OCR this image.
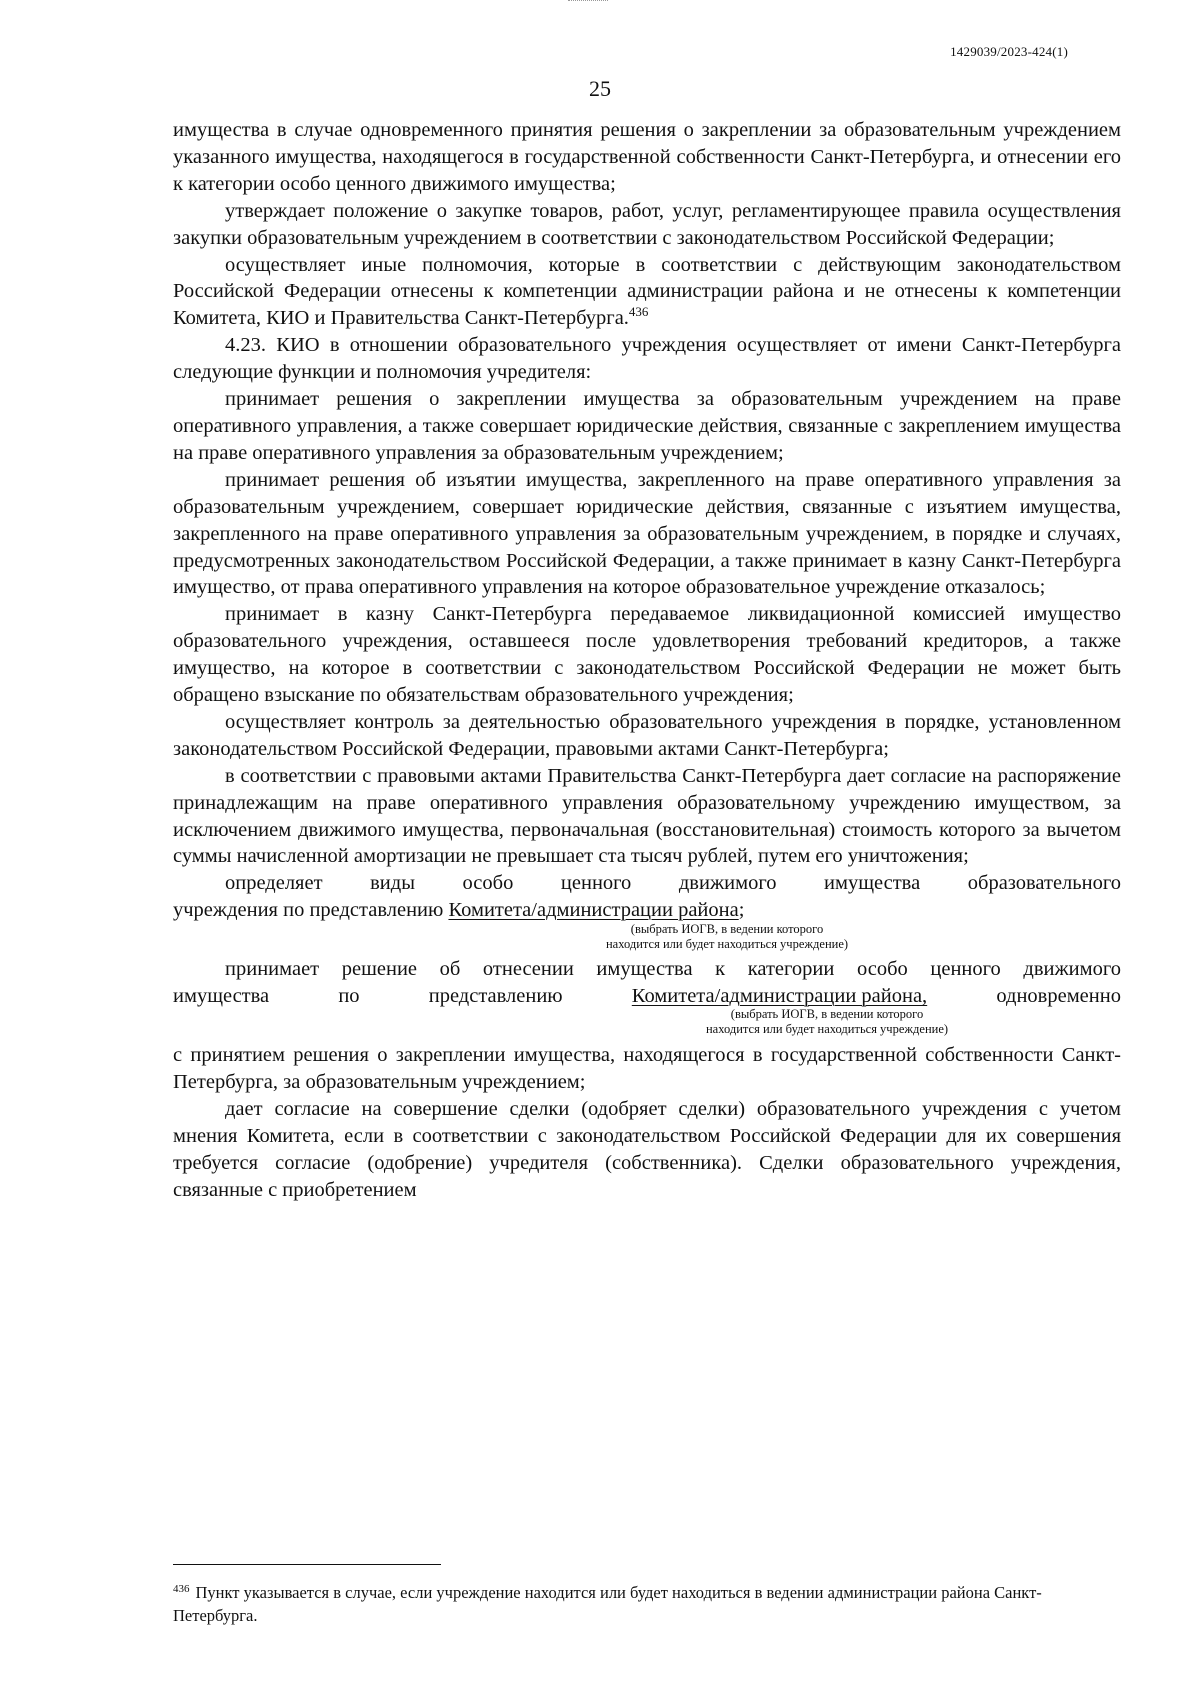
1429039/2023-424(1)
25

имущества в случае одновременного принятия решения о закреплении за образовательным учреждением указанного имущества, находящегося в государственной собственности Санкт-Петербурга, и отнесении его к категории особо ценного движимого имущества;

утверждает положение о закупке товаров, работ, услуг, регламентирующее правила осуществления закупки образовательным учреждением в соответствии с законодательством Российской Федерации;

осуществляет иные полномочия, которые в соответствии с действующим законодательством Российской Федерации отнесены к компетенции администрации района и не отнесены к компетенции Комитета, КИО и Правительства Санкт-Петербурга.$^{436}$

4.23. КИО в отношении образовательного учреждения осуществляет от имени Санкт-Петербурга следующие функции и полномочия учредителя:

принимает решения о закреплении имущества за образовательным учреждением на праве оперативного управления, а также совершает юридические действия, связанные с закреплением имущества на праве оперативного управления за образовательным учреждением;

принимает решения об изъятии имущества, закрепленного на праве оперативного управления за образовательным учреждением, совершает юридические действия, связанные с изъятием имущества, закрепленного на праве оперативного управления за образовательным учреждением, в порядке и случаях, предусмотренных законодательством Российской Федерации, а также принимает в казну Санкт-Петербурга имущество, от права оперативного управления на которое образовательное учреждение отказалось;

принимает в казну Санкт-Петербурга передаваемое ликвидационной комиссией имущество образовательного учреждения, оставшееся после удовлетворения требований кредиторов, а также имущество, на которое в соответствии с законодательством Российской Федерации не может быть обращено взыскание по обязательствам образовательного учреждения;

осуществляет контроль за деятельностью образовательного учреждения в порядке, установленном законодательством Российской Федерации, правовыми актами Санкт-Петербурга;

в соответствии с правовыми актами Правительства Санкт-Петербурга дает согласие на распоряжение принадлежащим на праве оперативного управления образовательному учреждению имуществом, за исключением движимого имущества, первоначальная (восстановительная) стоимость которого за вычетом суммы начисленной амортизации не превышает ста тысяч рублей, путем его уничтожения;

определяет виды особо ценного движимого имущества образовательного

учреждения по представлению Комитета/администрации района;

(выбрать ИОГВ, в ведении которого
находится или будет находиться учреждение)

принимает решение об отнесении имущества к категории особо ценного движимого

имущества	по	представлению	Комитета/администрации района,	одновременно
(выбрать ИОГВ, в ведении которого
находится или будет находиться учреждение)

с принятием решения о закреплении имущества, находящегося в государственной собственности Санкт-Петербурга, за образовательным учреждением;

дает согласие на совершение сделки (одобряет сделки) образовательного учреждения с учетом мнения Комитета, если в соответствии с законодательством Российской Федерации для их совершения требуется согласие (одобрение) учредителя (собственника). Сделки образовательного учреждения, связанные с приобретением

$^{436}$ Пункт указывается в случае, если учреждение находится или будет находиться в ведении администрации района Санкт-Петербурга.
